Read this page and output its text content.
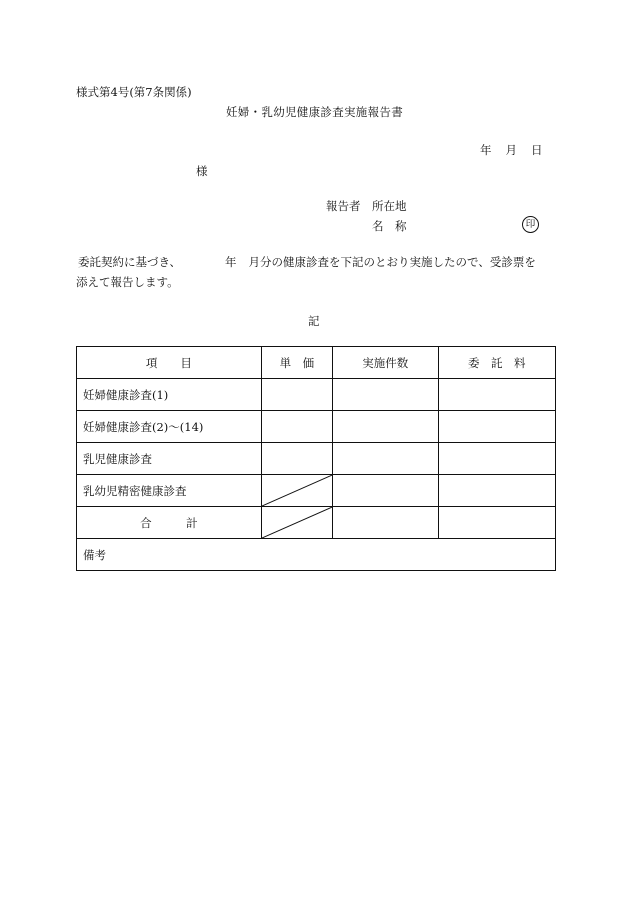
様式第4号(第7条関係)
妊婦・乳幼児健康診査実施報告書
年 月 日
様
報告者 所在地
名　称	印
委託契約に基づき、	年 月分の健康診査を下記のとおり実施したので、受診票を
添えて報告します。
記
項　　目	単　価	実施件数	委　託　料
妊婦健康診査(1)			
妊婦健康診査(2)～(14)			
乳児健康診査			
乳幼児精密健康診査	

合　　　計	

備考			
